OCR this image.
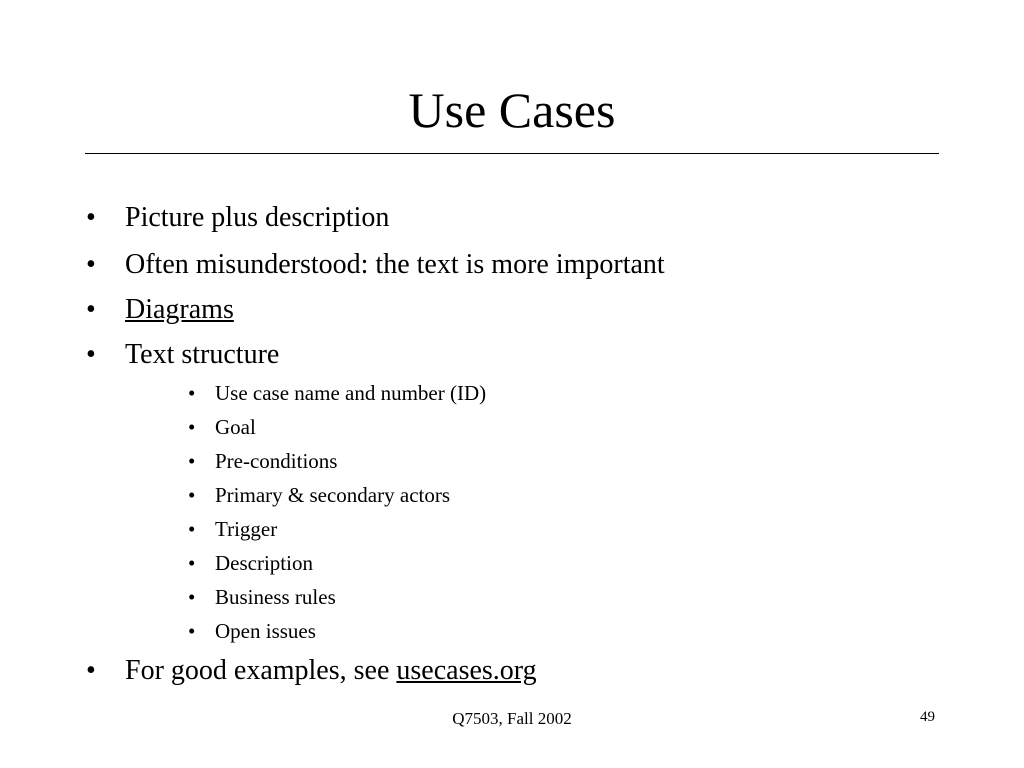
Use Cases
• Picture plus description
• Often misunderstood: the text is more important
• Diagrams
• Text structure
• Use case name and number (ID)
• Goal
• Pre-conditions
• Primary & secondary actors
• Trigger
• Description
• Business rules
• Open issues
• For good examples, see usecases.org
Q7503, Fall 2002	49
